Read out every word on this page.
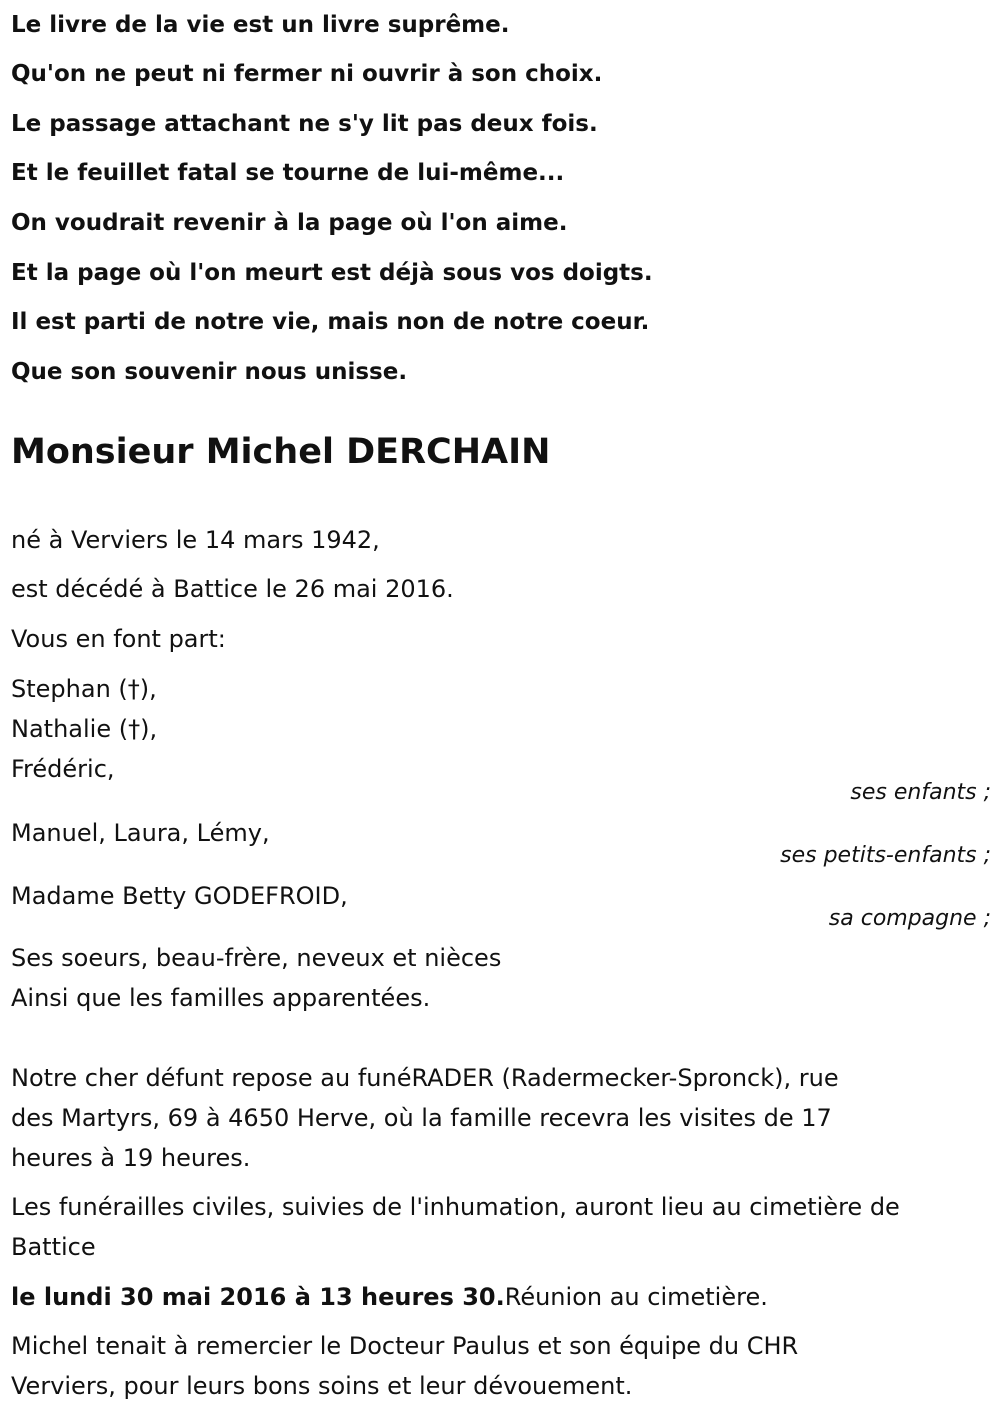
Le livre de la vie est un livre suprême.
Qu'on ne peut ni fermer ni ouvrir à son choix.
Le passage attachant ne s'y lit pas deux fois.
Et le feuillet fatal se tourne de lui-même...
On voudrait revenir à la page où l'on aime.
Et la page où l'on meurt est déjà sous vos doigts.
Il est parti de notre vie, mais non de notre coeur.
Que son souvenir nous unisse.
Monsieur Michel DERCHAIN
né à Verviers le 14 mars 1942,
est décédé à Battice le 26 mai 2016.
Vous en font part:
Stephan (†),
Nathalie (†),
Frédéric,
ses enfants ;
Manuel, Laura, Lémy,
ses petits-enfants ;
Madame Betty GODEFROID,
sa compagne ;
Ses soeurs, beau-frère, neveux et nièces
Ainsi que les familles apparentées.
Notre cher défunt repose au funéRADER (Radermecker-Spronck), rue
des Martyrs, 69 à 4650 Herve, où la famille recevra les visites de 17
heures à 19 heures.
Les funérailles civiles, suivies de l'inhumation, auront lieu au cimetière de
Battice
le lundi 30 mai 2016 à 13 heures 30.Réunion au cimetière.
Michel tenait à remercier le Docteur Paulus et son équipe du CHR
Verviers, pour leurs bons soins et leur dévouement.
